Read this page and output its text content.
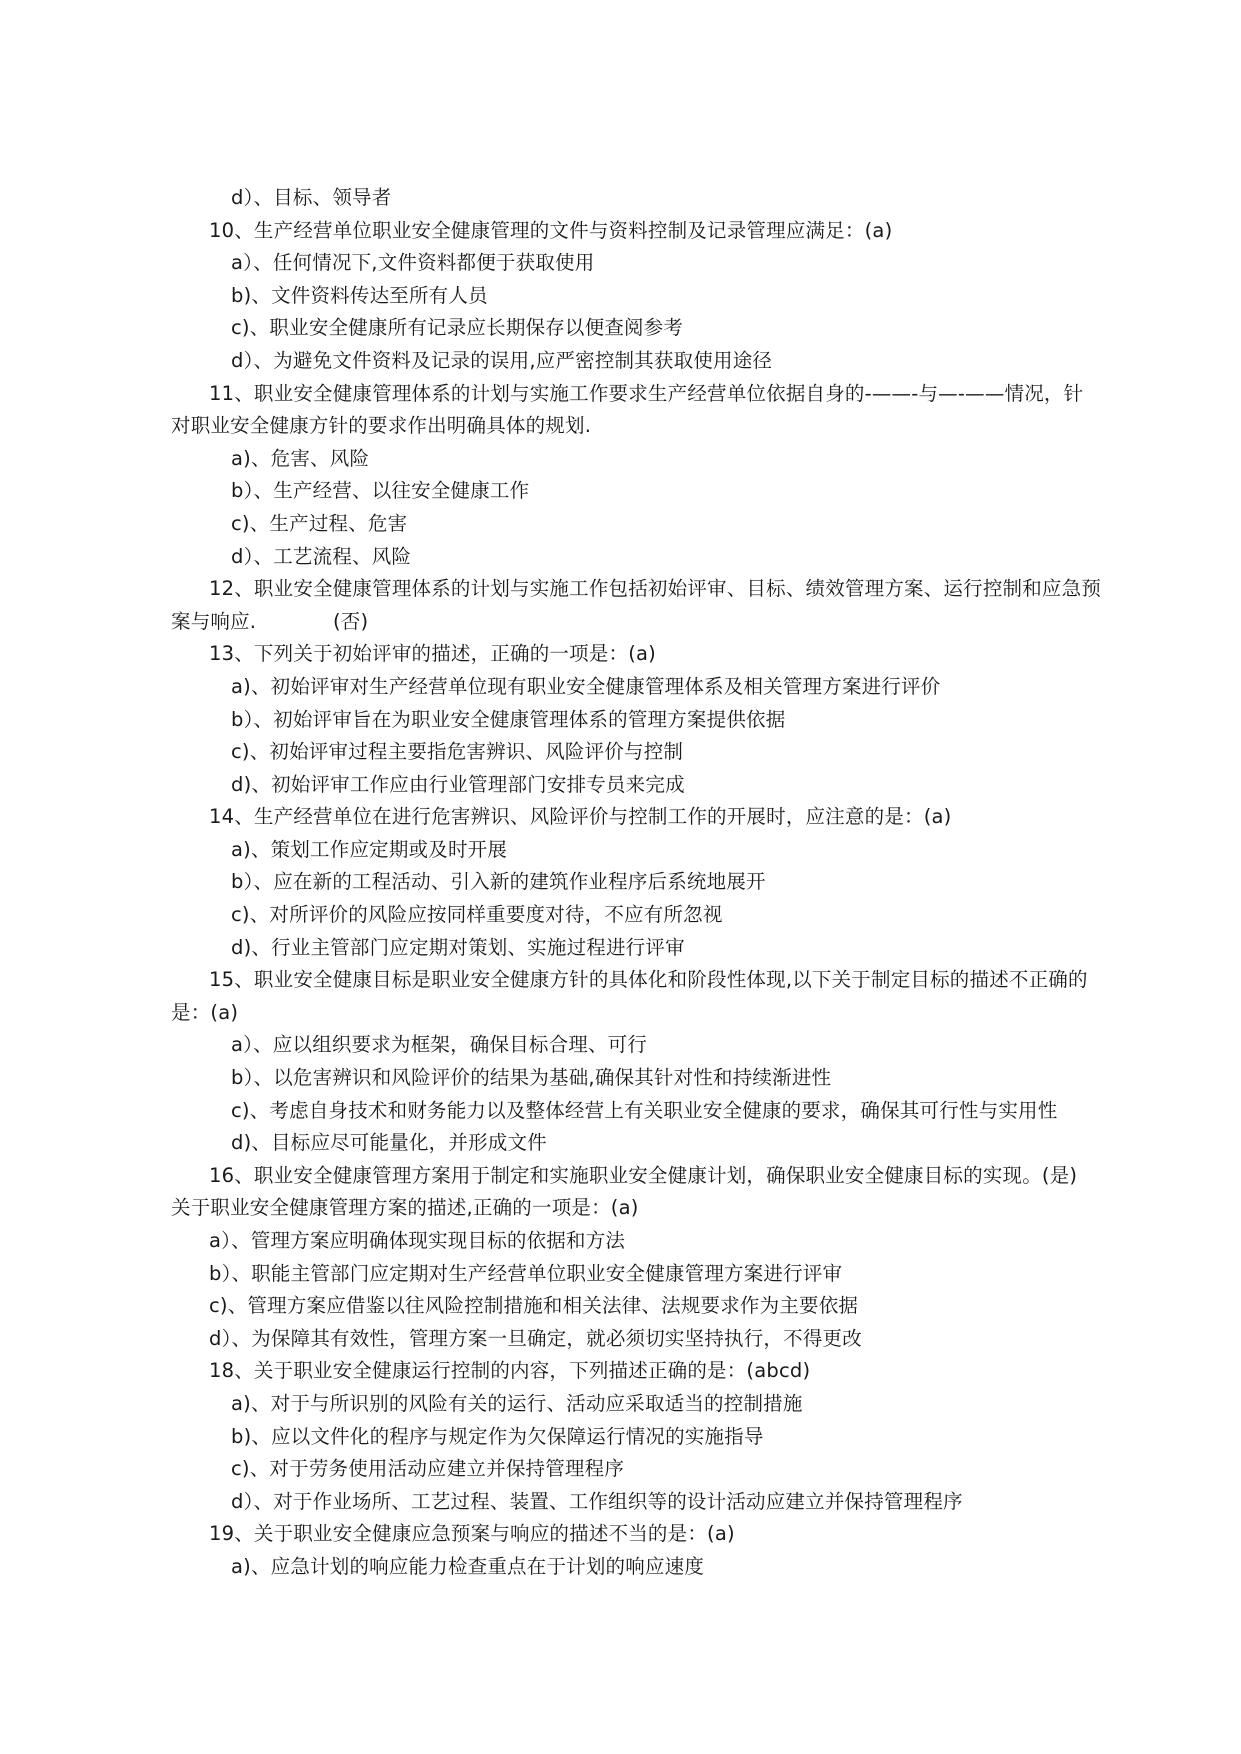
d）、目标、领导者
10、生产经营单位职业安全健康管理的文件与资料控制及记录管理应满足：(a)
a）、任何情况下,文件资料都便于获取使用
b)、文件资料传达至所有人员
c)、职业安全健康所有记录应长期保存以便查阅参考
d）、为避免文件资料及记录的误用,应严密控制其获取使用途径
11、职业安全健康管理体系的计划与实施工作要求生产经营单位依据自身的-——-与—-——情况，针对职业安全健康方针的要求作出明确具体的规划.
a)、危害、风险
b）、生产经营、以往安全健康工作
c)、生产过程、危害
d）、工艺流程、风险
12、职业安全健康管理体系的计划与实施工作包括初始评审、目标、绩效管理方案、运行控制和应急预案与响应.            (否)
13、下列关于初始评审的描述，正确的一项是：(a)
a)、初始评审对生产经营单位现有职业安全健康管理体系及相关管理方案进行评价
b）、初始评审旨在为职业安全健康管理体系的管理方案提供依据
c)、初始评审过程主要指危害辨识、风险评价与控制
d)、初始评审工作应由行业管理部门安排专员来完成
14、生产经营单位在进行危害辨识、风险评价与控制工作的开展时，应注意的是：(a)
a)、策划工作应定期或及时开展
b）、应在新的工程活动、引入新的建筑作业程序后系统地展开
c)、对所评价的风险应按同样重要度对待，不应有所忽视
d)、行业主管部门应定期对策划、实施过程进行评审
15、职业安全健康目标是职业安全健康方针的具体化和阶段性体现,以下关于制定目标的描述不正确的是：(a)
a）、应以组织要求为框架，确保目标合理、可行
b）、以危害辨识和风险评价的结果为基础,确保其针对性和持续渐进性
c)、考虑自身技术和财务能力以及整体经营上有关职业安全健康的要求，确保其可行性与实用性
d)、目标应尽可能量化，并形成文件
16、职业安全健康管理方案用于制定和实施职业安全健康计划，确保职业安全健康目标的实现。(是)
关于职业安全健康管理方案的描述,正确的一项是：(a)
a）、管理方案应明确体现实现目标的依据和方法
b）、职能主管部门应定期对生产经营单位职业安全健康管理方案进行评审
c)、管理方案应借鉴以往风险控制措施和相关法律、法规要求作为主要依据
d）、为保障其有效性，管理方案一旦确定，就必须切实坚持执行，不得更改
18、关于职业安全健康运行控制的内容，下列描述正确的是：(abcd)
a)、对于与所识别的风险有关的运行、活动应采取适当的控制措施
b)、应以文件化的程序与规定作为欠保障运行情况的实施指导
c)、对于劳务使用活动应建立并保持管理程序
d）、对于作业场所、工艺过程、装置、工作组织等的设计活动应建立并保持管理程序
19、关于职业安全健康应急预案与响应的描述不当的是：(a)
a)、应急计划的响应能力检查重点在于计划的响应速度
